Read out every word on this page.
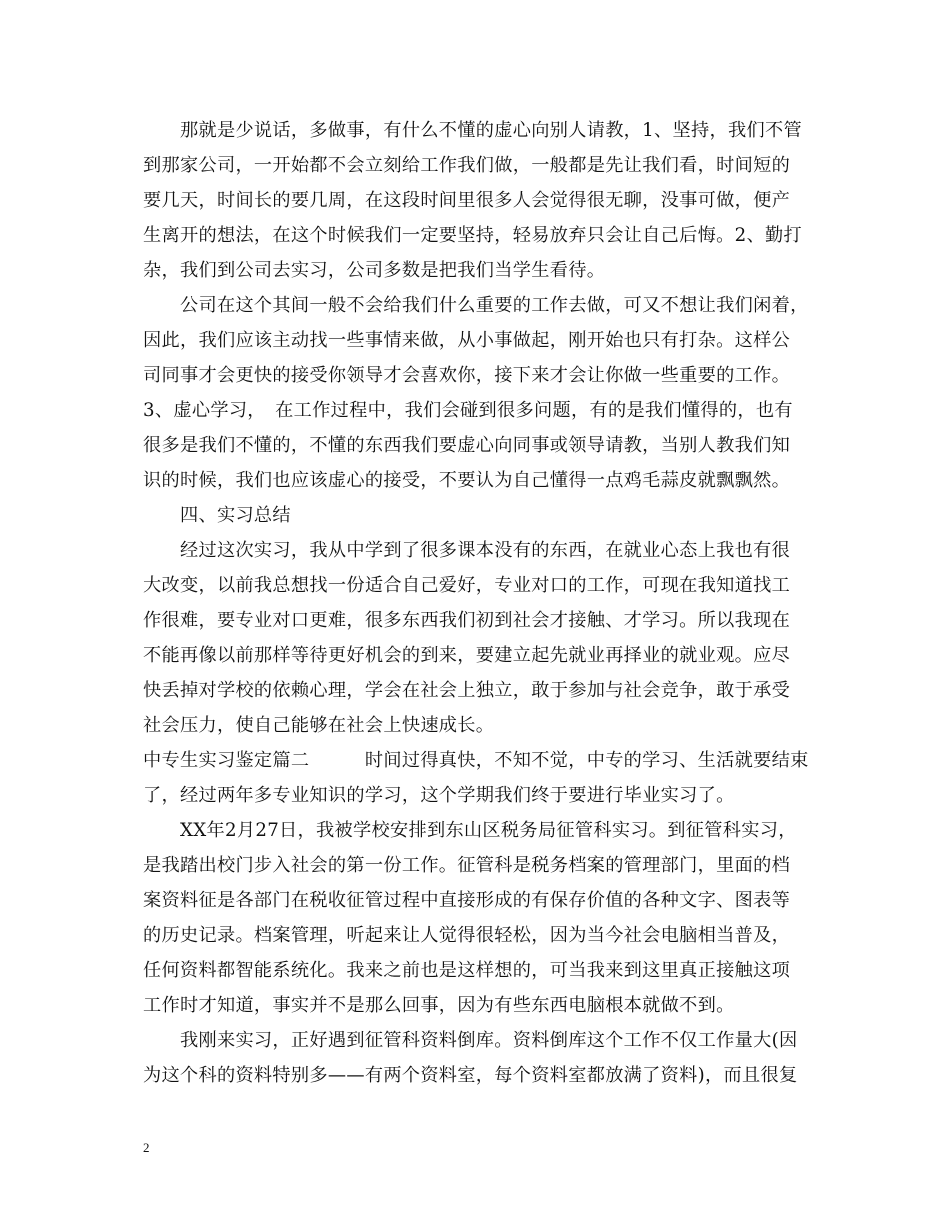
　　那就是少说话，多做事，有什么不懂的虚心向别人请教，1、坚持，我们不管
到那家公司，一开始都不会立刻给工作我们做，一般都是先让我们看，时间短的
要几天，时间长的要几周，在这段时间里很多人会觉得很无聊，没事可做，便产
生离开的想法，在这个时候我们一定要坚持，轻易放弃只会让自己后悔。2、勤打
杂，我们到公司去实习，公司多数是把我们当学生看待。
　　公司在这个其间一般不会给我们什么重要的工作去做，可又不想让我们闲着，
因此，我们应该主动找一些事情来做，从小事做起，刚开始也只有打杂。这样公
司同事才会更快的接受你领导才会喜欢你，接下来才会让你做一些重要的工作。
3、虚心学习，　在工作过程中，我们会碰到很多问题，有的是我们懂得的，也有
很多是我们不懂的，不懂的东西我们要虚心向同事或领导请教，当别人教我们知
识的时候，我们也应该虚心的接受，不要认为自己懂得一点鸡毛蒜皮就飘飘然。
　　四、实习总结
　　经过这次实习，我从中学到了很多课本没有的东西，在就业心态上我也有很
大改变，以前我总想找一份适合自己爱好，专业对口的工作，可现在我知道找工
作很难，要专业对口更难，很多东西我们初到社会才接触、才学习。所以我现在
不能再像以前那样等待更好机会的到来，要建立起先就业再择业的就业观。应尽
快丢掉对学校的依赖心理，学会在社会上独立，敢于参加与社会竞争，敢于承受
社会压力，使自己能够在社会上快速成长。
中专生实习鉴定篇二　　　时间过得真快，不知不觉，中专的学习、生活就要结束
了，经过两年多专业知识的学习，这个学期我们终于要进行毕业实习了。
　　XX年2月27日，我被学校安排到东山区税务局征管科实习。到征管科实习，
是我踏出校门步入社会的第一份工作。征管科是税务档案的管理部门，里面的档
案资料征是各部门在税收征管过程中直接形成的有保存价值的各种文字、图表等
的历史记录。档案管理，听起来让人觉得很轻松，因为当今社会电脑相当普及，
任何资料都智能系统化。我来之前也是这样想的，可当我来到这里真正接触这项
工作时才知道，事实并不是那么回事，因为有些东西电脑根本就做不到。
　　我刚来实习，正好遇到征管科资料倒库。资料倒库这个工作不仅工作量大(因
为这个科的资料特别多——有两个资料室，每个资料室都放满了资料)，而且很复
2
